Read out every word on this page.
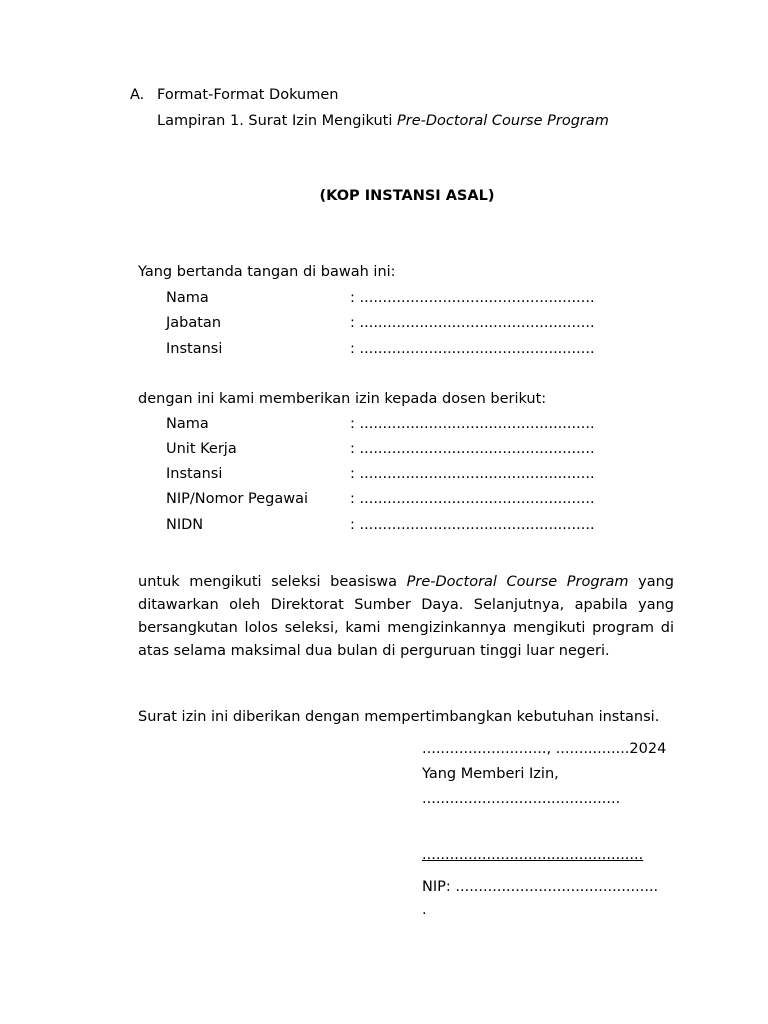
A. Format-Format Dokumen
Lampiran 1. Surat Izin Mengikuti Pre-Doctoral Course Program
(KOP INSTANSI ASAL)
Yang bertanda tangan di bawah ini:
Nama	: ...................................................
Jabatan	: ...................................................
Instansi	: ...................................................
dengan ini kami memberikan izin kepada dosen berikut:
Nama	: ...................................................
Unit Kerja	: ...................................................
Instansi	: ...................................................
NIP/Nomor Pegawai	: ...................................................
NIDN	: ...................................................
untuk mengikuti seleksi beasiswa Pre-Doctoral Course Program yang ditawarkan oleh Direktorat Sumber Daya. Selanjutnya, apabila yang bersangkutan lolos seleksi, kami mengizinkannya mengikuti program di atas selama maksimal dua bulan di perguruan tinggi luar negeri.
Surat izin ini diberikan dengan mempertimbangkan kebutuhan instansi.
..........................., ................2024
Yang Memberi Izin,
...........................................
................................................
NIP: ............................................
.
